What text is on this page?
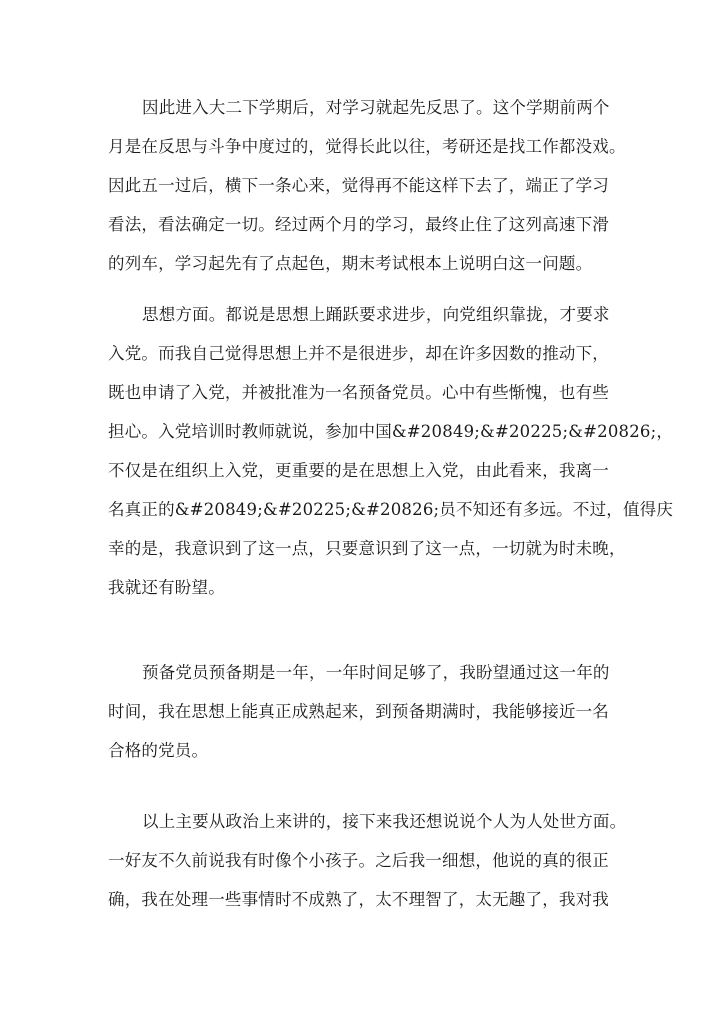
因此进入大二下学期后，对学习就起先反思了。这个学期前两个
月是在反思与斗争中度过的，觉得长此以往，考研还是找工作都没戏。
因此五一过后，横下一条心来，觉得再不能这样下去了，端正了学习
看法，看法确定一切。经过两个月的学习，最终止住了这列高速下滑
的列车，学习起先有了点起色，期末考试根本上说明白这一问题。
思想方面。都说是思想上踊跃要求进步，向党组织靠拢，才要求
入党。而我自己觉得思想上并不是很进步，却在许多因数的推动下，
既也申请了入党，并被批准为一名预备党员。心中有些惭愧，也有些
担心。入党培训时教师就说，参加中国&#20849;&#20225;&#20826;，
不仅是在组织上入党，更重要的是在思想上入党，由此看来，我离一
名真正的&#20849;&#20225;&#20826;员不知还有多远。不过，值得庆
幸的是，我意识到了这一点，只要意识到了这一点，一切就为时未晚，
我就还有盼望。
预备党员预备期是一年，一年时间足够了，我盼望通过这一年的
时间，我在思想上能真正成熟起来，到预备期满时，我能够接近一名
合格的党员。
以上主要从政治上来讲的，接下来我还想说说个人为人处世方面。
一好友不久前说我有时像个小孩子。之后我一细想，他说的真的很正
确，我在处理一些事情时不成熟了，太不理智了，太无趣了，我对我
